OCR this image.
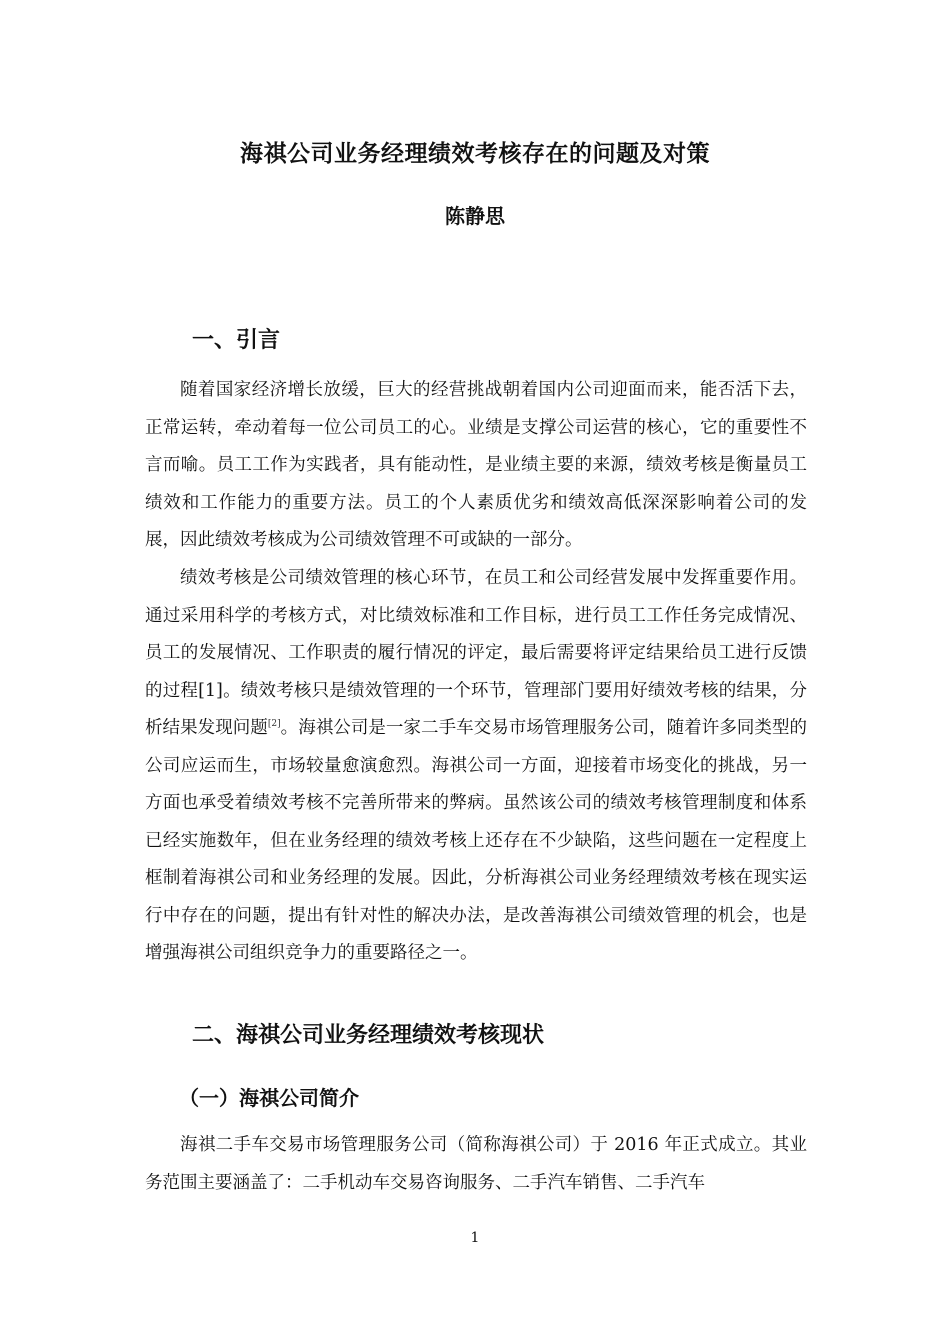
海祺公司业务经理绩效考核存在的问题及对策
陈静思
一、引言

随着国家经济增长放缓，巨大的经营挑战朝着国内公司迎面而来，能否活下去，正常运转，牵动着每一位公司员工的心。业绩是支撑公司运营的核心，它的重要性不言而喻。员工工作为实践者，具有能动性，是业绩主要的来源，绩效考核是衡量员工绩效和工作能力的重要方法。员工的个人素质优劣和绩效高低深深影响着公司的发展，因此绩效考核成为公司绩效管理不可或缺的一部分。

绩效考核是公司绩效管理的核心环节，在员工和公司经营发展中发挥重要作用。通过采用科学的考核方式，对比绩效标准和工作目标，进行员工工作任务完成情况、员工的发展情况、工作职责的履行情况的评定，最后需要将评定结果给员工进行反馈的过程[1]。绩效考核只是绩效管理的一个环节，管理部门要用好绩效考核的结果，分析结果发现问题[2]。海祺公司是一家二手车交易市场管理服务公司，随着许多同类型的公司应运而生，市场较量愈演愈烈。海祺公司一方面，迎接着市场变化的挑战，另一方面也承受着绩效考核不完善所带来的弊病。虽然该公司的绩效考核管理制度和体系已经实施数年，但在业务经理的绩效考核上还存在不少缺陷，这些问题在一定程度上框制着海祺公司和业务经理的发展。因此，分析海祺公司业务经理绩效考核在现实运行中存在的问题，提出有针对性的解决办法，是改善海祺公司绩效管理的机会，也是增强海祺公司组织竞争力的重要路径之一。

二、海祺公司业务经理绩效考核现状
（一）海祺公司简介

海祺二手车交易市场管理服务公司（简称海祺公司）于 2016 年正式成立。其业务范围主要涵盖了：二手机动车交易咨询服务、二手汽车销售、二手汽车

1
